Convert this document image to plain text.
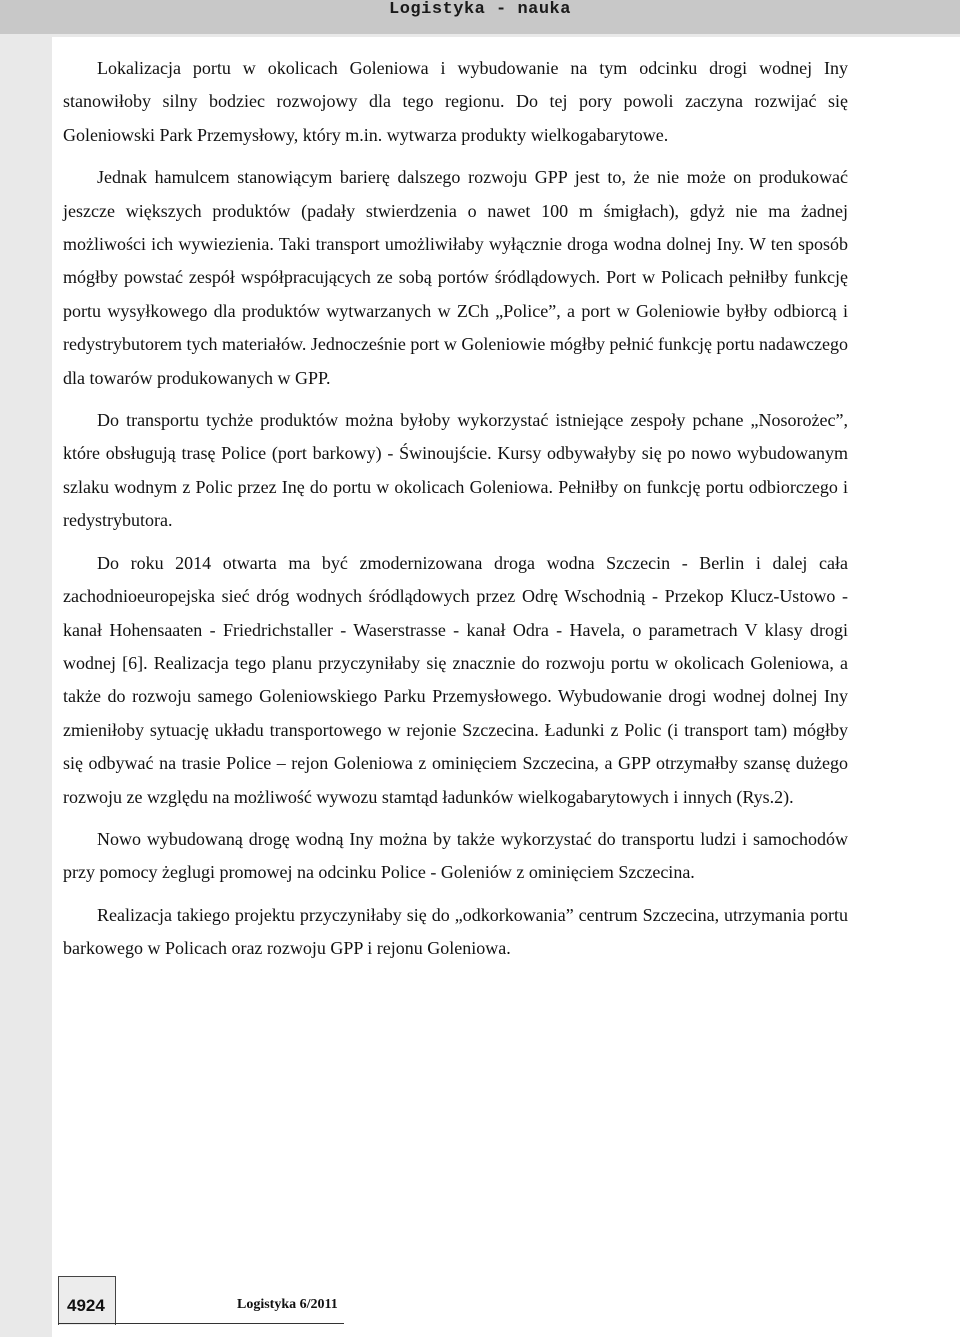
Logistyka - nauka

Lokalizacja portu w okolicach Goleniowa i wybudowanie na tym odcinku drogi wodnej Iny stanowiłoby silny bodziec rozwojowy dla tego regionu. Do tej pory powoli zaczyna rozwijać się Goleniowski Park Przemysłowy, który m.in. wytwarza produkty wielkogabarytowe.

Jednak hamulcem stanowiącym barierę dalszego rozwoju GPP jest to, że nie może on produkować jeszcze większych produktów (padały stwierdzenia o nawet 100 m śmigłach), gdyż nie ma żadnej możliwości ich wywiezienia. Taki transport umożliwiłaby wyłącznie droga wodna dolnej Iny. W ten sposób mógłby powstać zespół współpracujących ze sobą portów śródlądowych. Port w Policach pełniłby funkcję portu wysyłkowego dla produktów wytwarzanych w ZCh „Police”, a port w Goleniowie byłby odbiorcą i redystrybutorem tych materiałów. Jednocześnie port w Goleniowie mógłby pełnić funkcję portu nadawczego dla towarów produkowanych w GPP.

Do transportu tychże produktów można byłoby wykorzystać istniejące zespoły pchane „Nosorożec”, które obsługują trasę Police (port barkowy) - Świnoujście. Kursy odbywałyby się po nowo wybudowanym szlaku wodnym z Polic przez Inę do portu w okolicach Goleniowa. Pełniłby on funkcję portu odbiorczego i redystrybutora.

Do roku 2014 otwarta ma być zmodernizowana droga wodna Szczecin - Berlin i dalej cała zachodnioeuropejska sieć dróg wodnych śródlądowych przez Odrę Wschodnią - Przekop Klucz-Ustowo - kanał Hohensaaten - Friedrichstaller - Waserstrasse - kanał Odra - Havela, o parametrach V klasy drogi wodnej [6]. Realizacja tego planu przyczyniłaby się znacznie do rozwoju portu w okolicach Goleniowa, a także do rozwoju samego Goleniowskiego Parku Przemysłowego. Wybudowanie drogi wodnej dolnej Iny zmieniłoby sytuację układu transportowego w rejonie Szczecina. Ładunki z Polic (i transport tam) mógłby się odbywać na trasie Police – rejon Goleniowa z ominięciem Szczecina, a GPP otrzymałby szansę dużego rozwoju ze względu na możliwość wywozu stamtąd ładunków wielkogabarytowych i innych (Rys.2).

Nowo wybudowaną drogę wodną Iny można by także wykorzystać do transportu ludzi i samochodów przy pomocy żeglugi promowej na odcinku Police - Goleniów z ominięciem Szczecina.

Realizacja takiego projektu przyczyniłaby się do „odkorkowania” centrum Szczecina, utrzymania portu barkowego w Policach oraz rozwoju GPP i rejonu Goleniowa.

4924	Logistyka 6/2011
